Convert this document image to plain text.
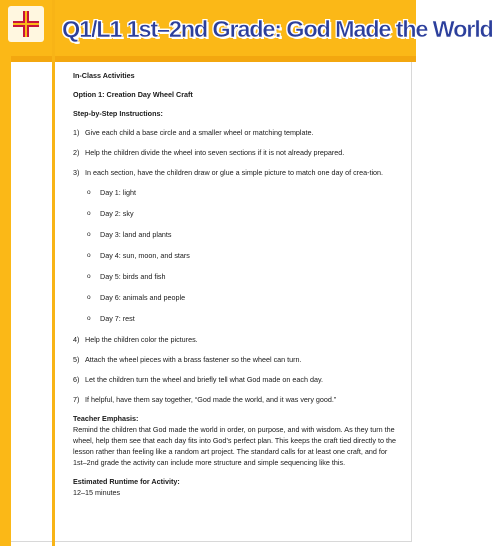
Q1/L1 1st–2nd Grade: God Made the World

In-Class Activities

Option 1: Creation Day Wheel Craft

Step-by-Step Instructions:

1) Give each child a base circle and a smaller wheel or matching template.
2) Help the children divide the wheel into seven sections if it is not already prepared.
3) In each section, have the children draw or glue a simple picture to match one day of crea-tion.
o	Day 1: light
o	Day 2: sky
o	Day 3: land and plants
o	Day 4: sun, moon, and stars
o	Day 5: birds and fish
o	Day 6: animals and people
o	Day 7: rest
4) Help the children color the pictures.
5) Attach the wheel pieces with a brass fastener so the wheel can turn.
6) Let the children turn the wheel and briefly tell what God made on each day.
7) If helpful, have them say together, “God made the world, and it was very good.”

Teacher Emphasis:

Remind the children that God made the world in order, on purpose, and with wisdom. As they turn the wheel, help them see that each day fits into God’s perfect plan. This keeps the craft tied directly to the lesson rather than feeling like a random art project. The standard calls for at least one craft, and for 1st–2nd grade the activity can include more structure and simple sequencing like this.

Estimated Runtime for Activity:

12–15 minutes
